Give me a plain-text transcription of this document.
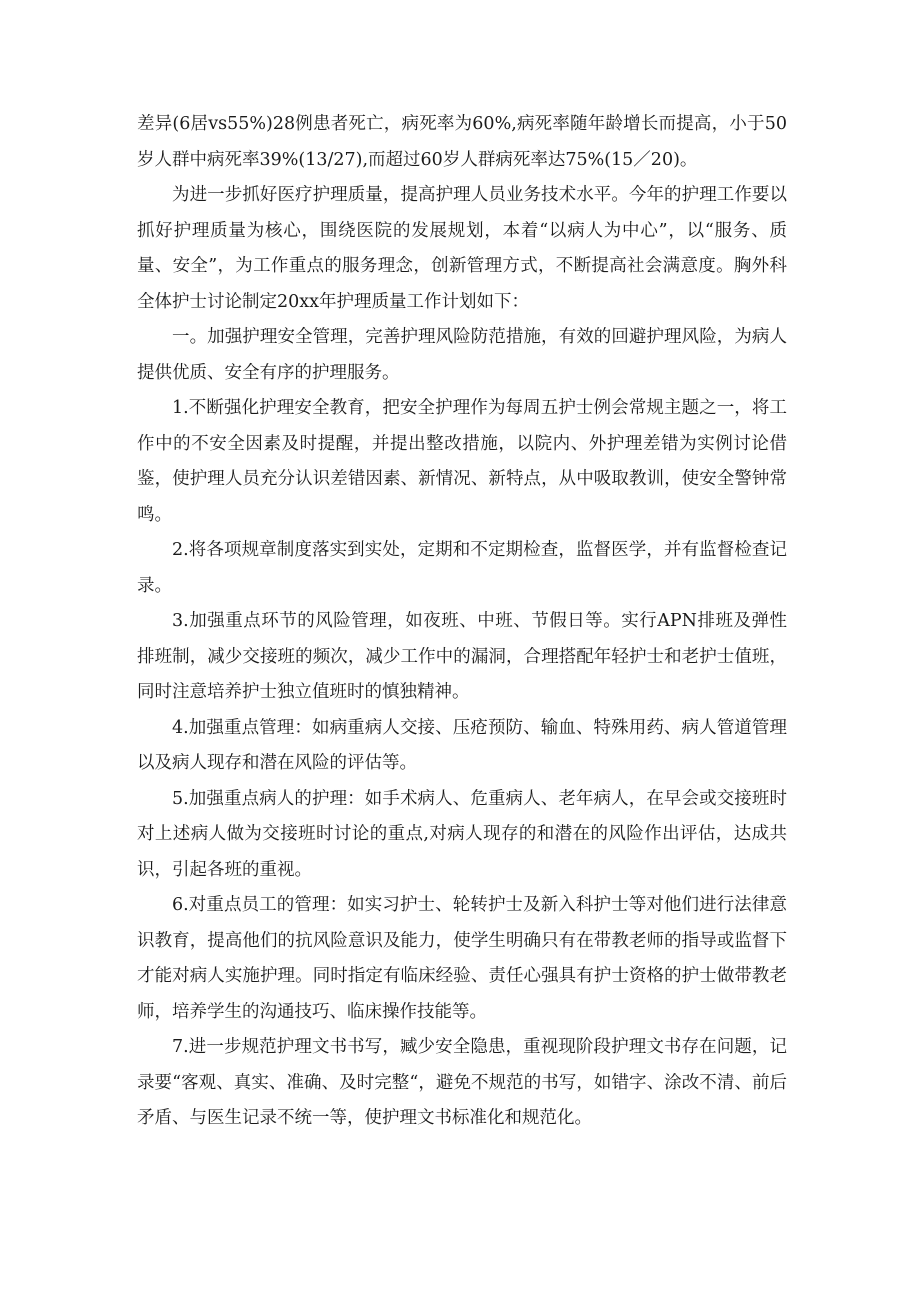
差异(6居vs55%)28例患者死亡，病死率为60%,病死率随年龄增长而提高，小于50岁人群中病死率39%(13/27),而超过60岁人群病死率达75%(15／20)。

为进一步抓好医疗护理质量，提高护理人员业务技术水平。今年的护理工作要以抓好护理质量为核心，围绕医院的发展规划，本着“以病人为中心”，以“服务、质量、安全”，为工作重点的服务理念，创新管理方式，不断提高社会满意度。胸外科全体护士讨论制定20xx年护理质量工作计划如下：

一。加强护理安全管理，完善护理风险防范措施，有效的回避护理风险，为病人提供优质、安全有序的护理服务。

1.不断强化护理安全教育，把安全护理作为每周五护士例会常规主题之一，将工作中的不安全因素及时提醒，并提出整改措施，以院内、外护理差错为实例讨论借鉴，使护理人员充分认识差错因素、新情况、新特点，从中吸取教训，使安全警钟常鸣。

2.将各项规章制度落实到实处，定期和不定期检查，监督医学，并有监督检查记录。

3.加强重点环节的风险管理，如夜班、中班、节假日等。实行APN排班及弹性排班制，减少交接班的频次，减少工作中的漏洞，合理搭配年轻护士和老护士值班，同时注意培养护士独立值班时的慎独精神。

4.加强重点管理：如病重病人交接、压疮预防、输血、特殊用药、病人管道管理以及病人现存和潜在风险的评估等。

5.加强重点病人的护理：如手术病人、危重病人、老年病人，在早会或交接班时对上述病人做为交接班时讨论的重点,对病人现存的和潜在的风险作出评估，达成共识，引起各班的重视。

6.对重点员工的管理：如实习护士、轮转护士及新入科护士等对他们进行法律意识教育，提高他们的抗风险意识及能力，使学生明确只有在带教老师的指导或监督下才能对病人实施护理。同时指定有临床经验、责任心强具有护士资格的护士做带教老师，培养学生的沟通技巧、临床操作技能等。

7.进一步规范护理文书书写，臧少安全隐患，重视现阶段护理文书存在问题，记录要“客观、真实、准确、及时完整“，避免不规范的书写，如错字、涂改不清、前后矛盾、与医生记录不统一等，使护理文书标准化和规范化。
